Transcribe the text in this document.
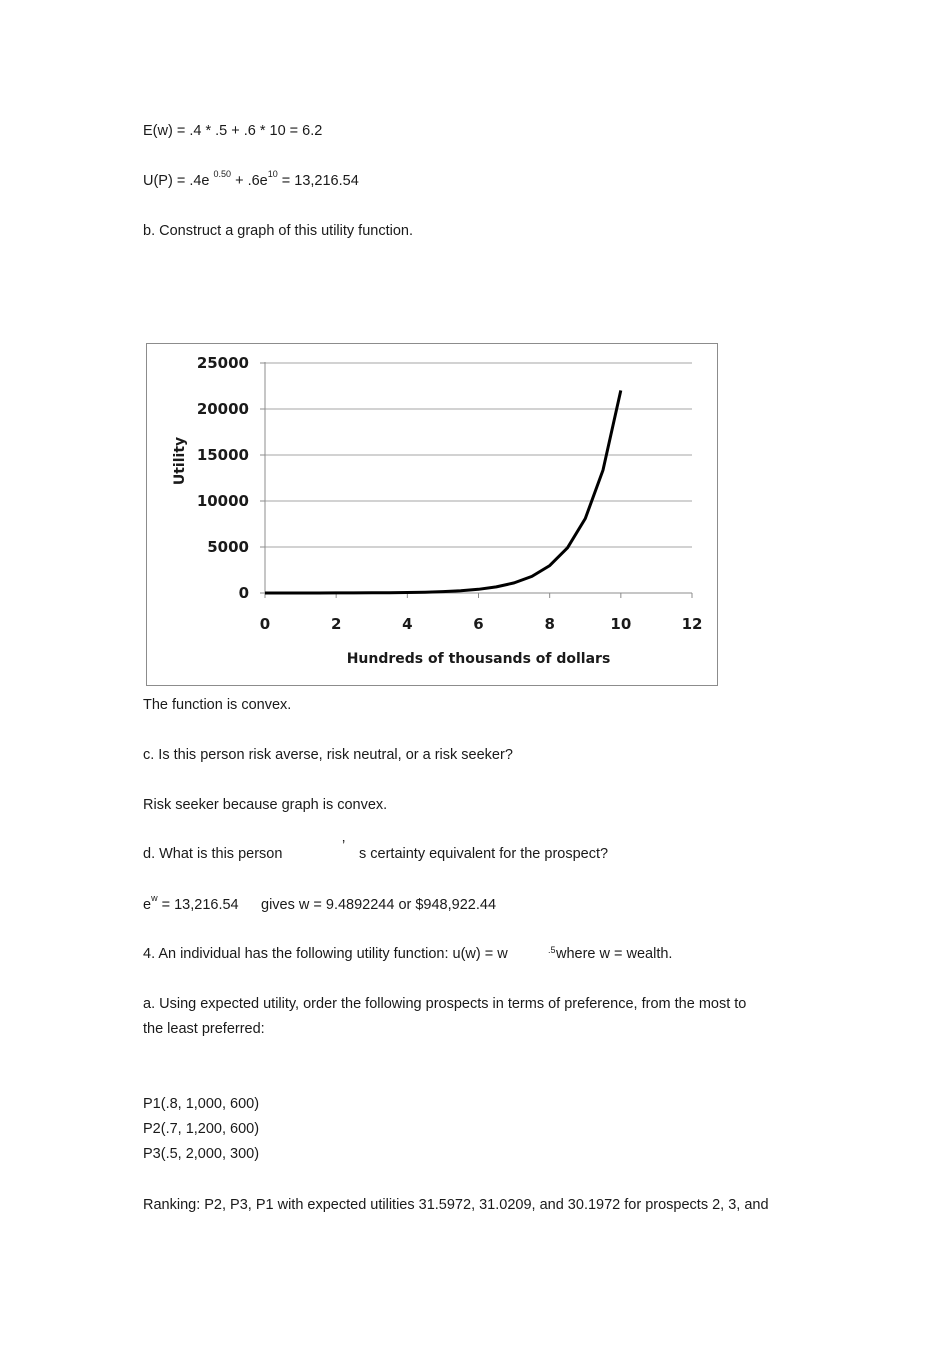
E(w) = .4 * .5 + .6 * 10 = 6.2
U(P) = .4e $^{0.50} + .6e^{10} = 13,216.54$
b. Construct a graph of this utility function.
0
5000
10000
15000
20000
25000
0	2	4	6	8	10	12
Hundreds of thousands of dollars
Utility
The function is convex.
c. Is this person risk averse, risk neutral, or a risk seeker?
Risk seeker because graph is convex.
d. What is this person	’ s certainty equivalent for the prospect?
$e^w = 13,216.54$ gives w = 9.4892244 or $948,922.44
4. An individual has the following utility function: u(w) = w	.5 where w = wealth.
a. Using expected utility, order the following prospects in terms of preference, from the most to
the least preferred:
P1(.8, 1,000, 600)
P2(.7, 1,200, 600)
P3(.5, 2,000, 300)
Ranking: P2, P3, P1 with expected utilities 31.5972, 31.0209, and 30.1972 for prospects 2, 3, and
